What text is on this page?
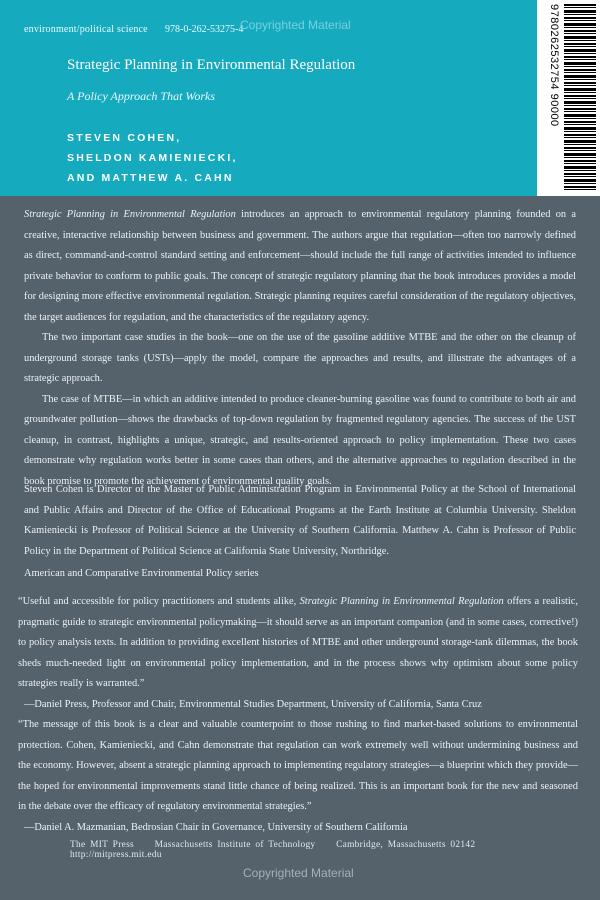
environment/political science 978-0-262-53275-4
Copyrighted Material
Strategic Planning in Environmental Regulation
A Policy Approach That Works
STEVEN COHEN,
SHELDON KAMIENIECKI,
AND MATTHEW A. CAHN
9780262532754 90000

Strategic Planning in Environmental Regulation introduces an approach to environmental regulatory planning founded on a creative, interactive relationship between business and government. The authors argue that regulation—often too narrowly defined as direct, command-and-control standard setting and enforcement—should include the full range of activities intended to influence private behavior to conform to public goals. The concept of strategic regulatory planning that the book introduces provides a model for designing more effective environmental regulation. Strategic planning requires careful consideration of the regulatory objectives, the target audiences for regulation, and the characteristics of the regulatory agency.

The two important case studies in the book—one on the use of the gasoline additive MTBE and the other on the cleanup of underground storage tanks (USTs)—apply the model, compare the approaches and results, and illustrate the advantages of a strategic approach.

The case of MTBE—in which an additive intended to produce cleaner-burning gasoline was found to contribute to both air and groundwater pollution—shows the drawbacks of top-down regulation by fragmented regulatory agencies. The success of the UST cleanup, in contrast, highlights a unique, strategic, and results-oriented approach to policy implementation. These two cases demonstrate why regulation works better in some cases than others, and the alternative approaches to regulation described in the book promise to promote the achievement of environmental quality goals.

Steven Cohen is Director of the Master of Public Administration Program in Environmental Policy at the School of International and Public Affairs and Director of the Office of Educational Programs at the Earth Institute at Columbia University. Sheldon Kamieniecki is Professor of Political Science at the University of Southern California. Matthew A. Cahn is Professor of Public Policy in the Department of Political Science at California State University, Northridge.

American and Comparative Environmental Policy series

“Useful and accessible for policy practitioners and students alike, Strategic Planning in Environmental Regulation offers a realistic, pragmatic guide to strategic environmental policymaking—it should serve as an important companion (and in some cases, corrective!) to policy analysis texts. In addition to providing excellent histories of MTBE and other underground storage-tank dilemmas, the book sheds much-needed light on environmental policy implementation, and in the process shows why optimism about some policy strategies really is warranted.”

—Daniel Press, Professor and Chair, Environmental Studies Department, University of California, Santa Cruz

“The message of this book is a clear and valuable counterpoint to those rushing to find market-based solutions to environmental protection. Cohen, Kamieniecki, and Cahn demonstrate that regulation can work extremely well without undermining business and the economy. However, absent a strategic planning approach to implementing regulatory strategies—a blueprint which they provide—the hoped for environmental improvements stand little chance of being realized. This is an important book for the new and seasoned in the debate over the efficacy of regulatory environmental strategies.”

—Daniel A. Mazmanian, Bedrosian Chair in Governance, University of Southern California

The MIT Press Massachusetts Institute of Technology Cambridge, Massachusetts 02142 http://mitpress.mit.edu
Copyrighted Material
